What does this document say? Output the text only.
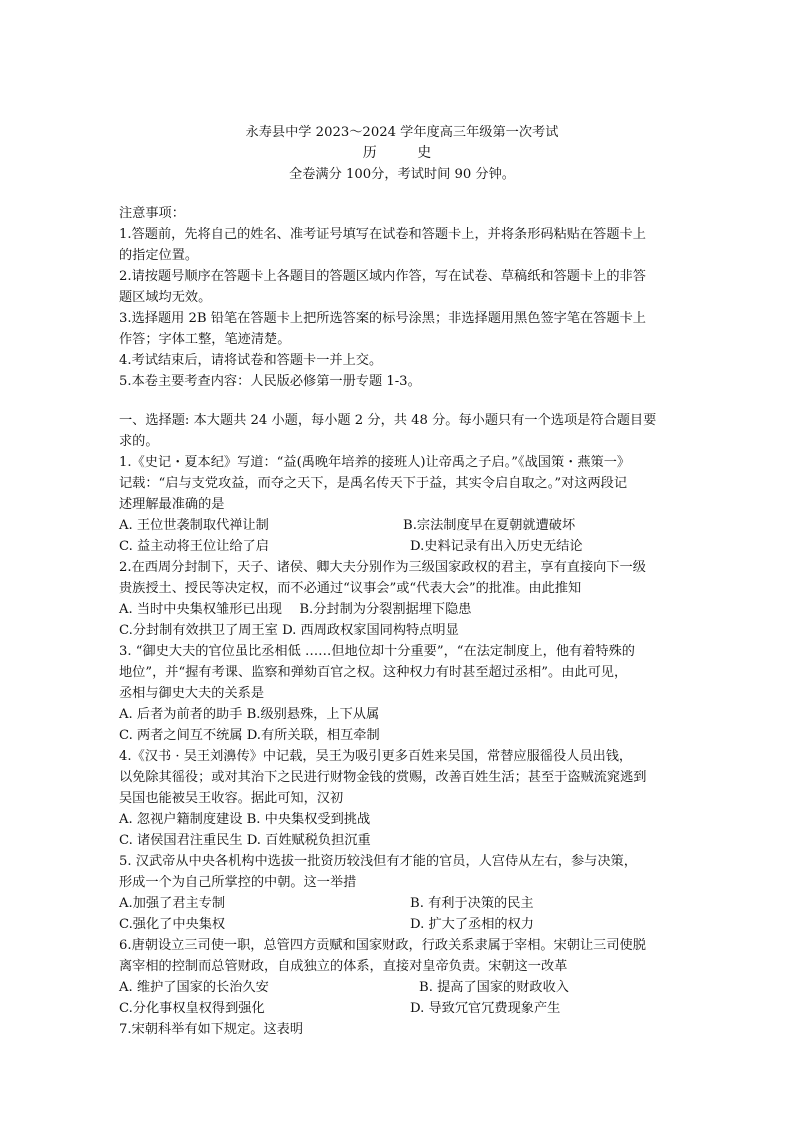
永寿县中学 2023～2024 学年度高三年级第一次考试
历 史
全卷满分 100分，考试时间 90 分钟。
注意事项：
1.答题前，先将自己的姓名、准考证号填写在试卷和答题卡上，并将条形码粘贴在答题卡上
的指定位置。
2.请按题号顺序在答题卡上各题目的答题区域内作答，写在试卷、草稿纸和答题卡上的非答
题区域均无效。
3.选择题用 2B 铅笔在答题卡上把所选答案的标号涂黑；非选择题用黑色签字笔在答题卡上
作答；字体工整，笔迹清楚。
4.考试结束后，请将试卷和答题卡一并上交。
5.本卷主要考查内容：人民版必修第一册专题 1-3。
一、选择题: 本大题共 24 小题，每小题 2 分，共 48 分。每小题只有一个选项是符合题目要
求的。
1.《史记・夏本纪》写道：“益(禹晚年培养的接班人)让帝禹之子启。”《战国策・燕策一》
记载：“启与支党攻益，而夺之天下，是禹名传天下于益，其实令启自取之。”对这两段记
述理解最准确的是
A. 王位世袭制取代禅让制	B.宗法制度早在夏朝就遭破坏
C. 益主动将王位让给了启	D.史料记录有出入历史无结论
2.在西周分封制下，天子、诸侯、卿大夫分别作为三级国家政权的君主，享有直接向下一级
贵族授土、授民等决定权，而不必通过“议事会”或“代表大会”的批准。由此推知
A. 当时中央集权雏形已出现　 B.分封制为分裂割据埋下隐患
C.分封制有效拱卫了周王室 D. 西周政权家国同构特点明显
3. “御史大夫的官位虽比丞相低 ……但地位却十分重要”，“在法定制度上，他有着特殊的
地位”，并“握有考课、监察和弹劾百官之权。这种权力有时甚至超过丞相”。由此可见，
丞相与御史大夫的关系是
A. 后者为前者的助手 B.级别悬殊，上下从属
C. 两者之间互不统属 D.有所关联，相互牵制
4.《汉书 · 吴王刘濞传》中记载，吴王为吸引更多百姓来吴国，常替应服徭役人员出钱，
以免除其徭役；或对其治下之民进行财物金钱的赏赐，改善百姓生活；甚至于盗贼流窕逃到
吴国也能被吴王收容。据此可知，汉初
A. 忽视户籍制度建设 B. 中央集权受到挑战
C. 诸侯国君注重民生 D. 百姓赋税负担沉重
5. 汉武帝从中央各机构中选拔一批资历较浅但有才能的官员，人宫侍从左右，参与决策，
形成一个为自己所掌控的中朝。这一举措
A.加强了君主专制	B. 有利于决策的民主
C.强化了中央集权	D. 扩大了丞相的权力
6.唐朝设立三司使一职，总管四方贡赋和国家财政，行政关系隶属于宰相。宋朝让三司使脱
离宰相的控制而总管财政，自成独立的体系，直接对皇帝负责。宋朝这一改革
A. 维护了国家的长治久安	B. 提高了国家的财政收入
C.分化事权皇权得到强化	D. 导致冗官冗费现象产生
7.宋朝科举有如下规定。这表明
